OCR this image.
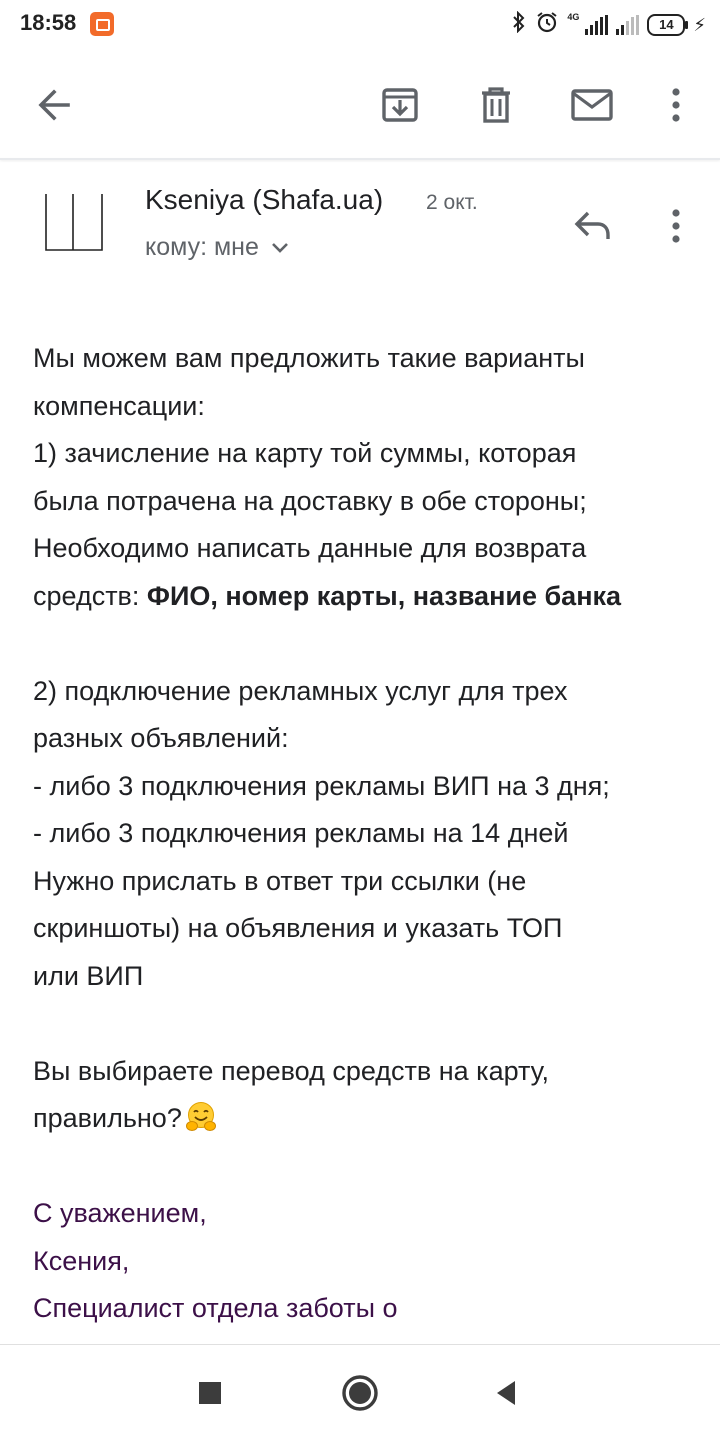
18:58	4G	14	⚡
Kseniya (Shafa.ua) 2 окт.
кому: мне
Мы можем вам предложить такие варианты
компенсации:
1) зачисление на карту той суммы, которая
была потрачена на доставку в обе стороны;
Необходимо написать данные для возврата
средств: ФИО, номер карты, название банка
2) подключение рекламных услуг для трех
разных объявлений:
- либо 3 подключения рекламы ВИП на 3 дня;
- либо 3 подключения рекламы на 14 дней
Нужно прислать в ответ три ссылки (не
скриншоты) на объявления и указать ТОП
или ВИП
Вы выбираете перевод средств на карту,
правильно?
С уважением,
Ксения,
Специалист отдела заботы о
